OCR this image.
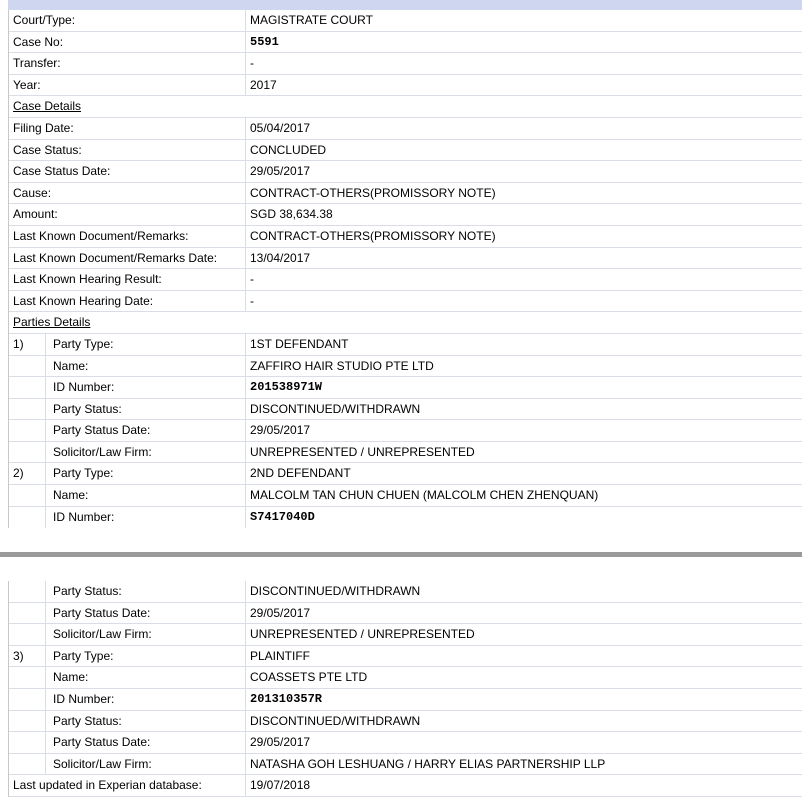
Court/Type:	MAGISTRATE COURT
Case No:	5591
Transfer:	-
Year:	2017
Case Details
Filing Date:	05/04/2017
Case Status:	CONCLUDED
Case Status Date:	29/05/2017
Cause:	CONTRACT-OTHERS(PROMISSORY NOTE)
Amount:	SGD 38,634.38
Last Known Document/Remarks:	CONTRACT-OTHERS(PROMISSORY NOTE)
Last Known Document/Remarks Date:	13/04/2017
Last Known Hearing Result:	-
Last Known Hearing Date:	-
Parties Details
1) Party Type:	1ST DEFENDANT
Name:	ZAFFIRO HAIR STUDIO PTE LTD
ID Number:	201538971W
Party Status:	DISCONTINUED/WITHDRAWN
Party Status Date:	29/05/2017
Solicitor/Law Firm:	UNREPRESENTED / UNREPRESENTED
2) Party Type:	2ND DEFENDANT
Name:	MALCOLM TAN CHUN CHUEN (MALCOLM CHEN ZHENQUAN)
ID Number:	S7417040D
Party Status:	DISCONTINUED/WITHDRAWN
Party Status Date:	29/05/2017
Solicitor/Law Firm:	UNREPRESENTED / UNREPRESENTED
3) Party Type:	PLAINTIFF
Name:	COASSETS PTE LTD
ID Number:	201310357R
Party Status:	DISCONTINUED/WITHDRAWN
Party Status Date:	29/05/2017
Solicitor/Law Firm:	NATASHA GOH LESHUANG / HARRY ELIAS PARTNERSHIP LLP
Last updated in Experian database:	19/07/2018
